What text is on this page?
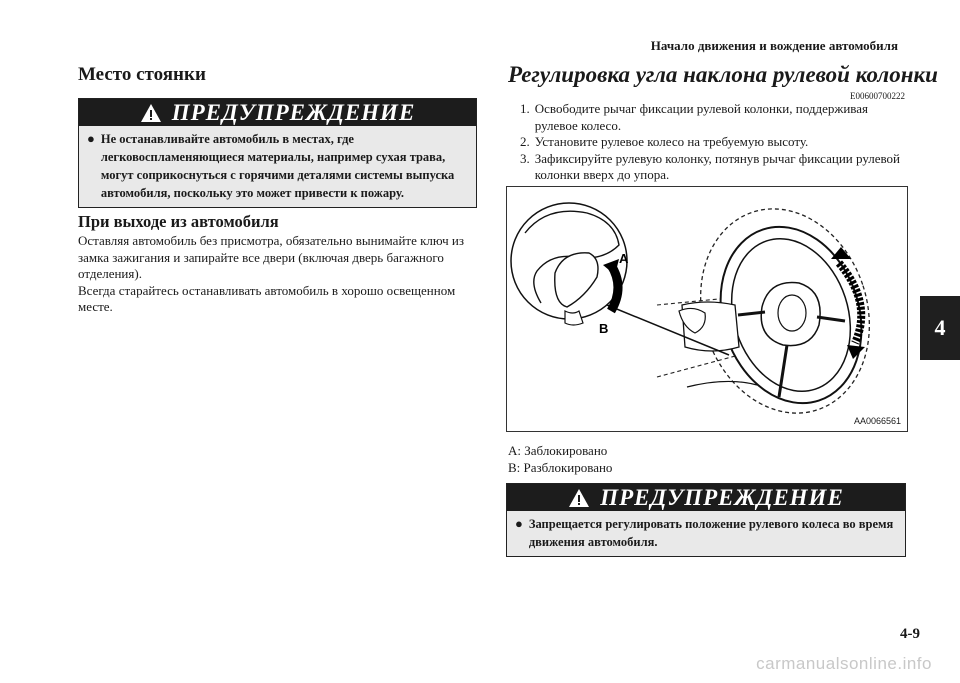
Начало движения и вождение автомобиля
4
Место стоянки
ПРЕДУПРЕЖДЕНИЕ
● Не останавливайте автомобиль в местах, где легковоспламеняющиеся материалы, например сухая трава, могут соприкоснуться с горячими деталями системы выпуска автомобиля, поскольку это может привести к пожару.
При выходе из автомобиля
Оставляя автомобиль без присмотра, обязательно вынимайте ключ из замка зажигания и запирайте все двери (включая дверь багажного отделения).
Всегда старайтесь останавливать автомобиль в хорошо освещенном месте.
Регулировка угла наклона рулевой колонки
E00600700222
1. Освободите рычаг фиксации рулевой колонки, поддерживая рулевое колесо.
2. Установите рулевое колесо на требуемую высоту.
3. Зафиксируйте рулевую колонку, потянув рычаг фиксации рулевой колонки вверх до упора.
A
B
AA0066561
A: Заблокировано
B: Разблокировано
ПРЕДУПРЕЖДЕНИЕ
● Запрещается регулировать положение рулевого колеса во время движения автомобиля.
4-9
carmanualsonline.info
